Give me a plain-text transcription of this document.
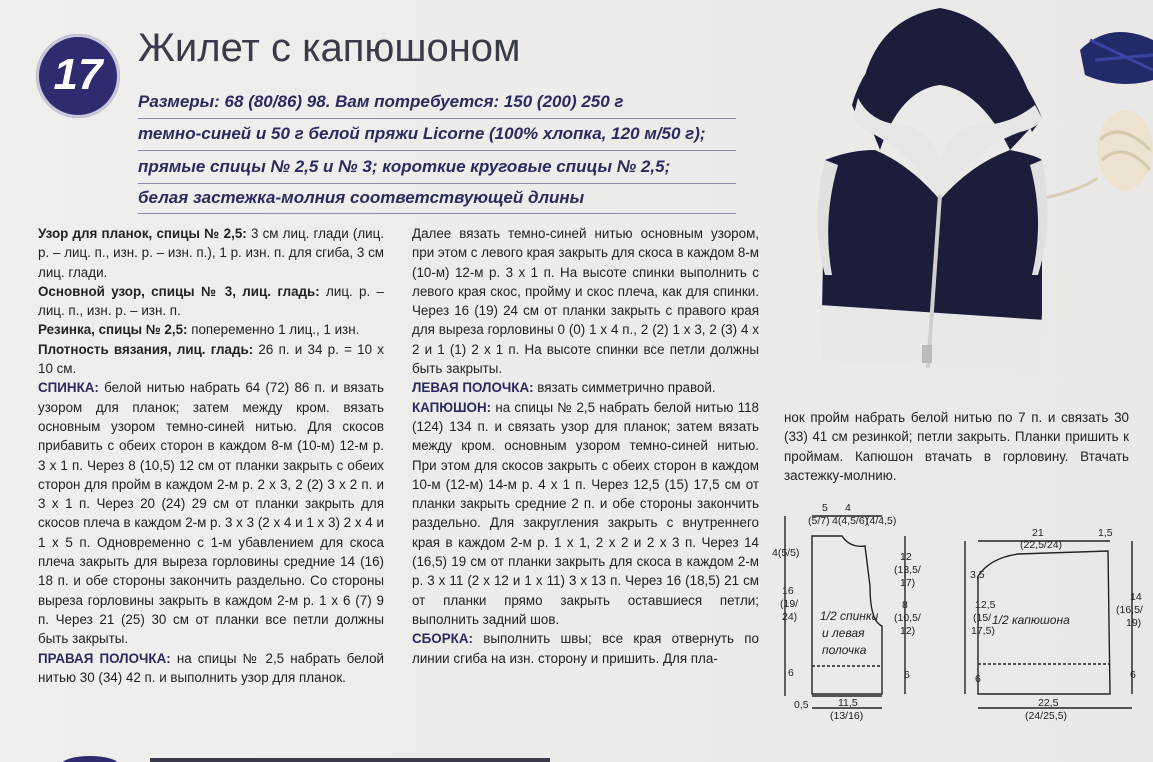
17
Жилет с капюшоном
Размеры: 68 (80/86) 98. Вам потребуется: 150 (200) 250 г
темно-синей и 50 г белой пряжи Licorne (100% хлопка, 120 м/50 г);
прямые спицы № 2,5 и № 3; короткие круговые спицы № 2,5;
белая застежка-молния соответствующей длины

Узор для планок, спицы № 2,5: 3 см лиц. глади (лиц. р. – лиц. п., изн. р. – изн. п.), 1 р. изн. п. для сгиба, 3 см лиц. глади.

Основной узор, спицы № 3, лиц. гладь: лиц. р. – лиц. п., изн. р. – изн. п.

Резинка, спицы № 2,5: попеременно 1 лиц., 1 изн.

Плотность вязания, лиц. гладь: 26 п. и 34 р. = 10 х 10 см.

СПИНКА: белой нитью набрать 64 (72) 86 п. и вязать узором для планок; затем между кром. вязать основным узором темно-синей нитью. Для скосов прибавить с обеих сторон в каждом 8-м (10-м) 12-м р. 3 х 1 п. Через 8 (10,5) 12 см от планки закрыть с обеих сторон для пройм в каждом 2-м р. 2 х 3, 2 (2) 3 х 2 п. и 3 х 1 п. Через 20 (24) 29 см от планки закрыть для скосов плеча в каждом 2-м р. 3 х 3 (2 х 4 и 1 х 3) 2 х 4 и 1 х 5 п. Одновременно с 1-м убавлением для скоса плеча закрыть для выреза горловины средние 14 (16) 18 п. и обе стороны закончить раздельно. Со стороны выреза горловины закрыть в каждом 2-м р. 1 х 6 (7) 9 п. Через 21 (25) 30 см от планки все петли должны быть закрыты.

ПРАВАЯ ПОЛОЧКА: на спицы № 2,5 набрать белой нитью 30 (34) 42 п. и выполнить узор для планок.

Далее вязать темно-синей нитью основным узором, при этом с левого края закрыть для скоса в каждом 8-м (10-м) 12-м р. 3 х 1 п. На высоте спинки выполнить с левого края скос, пройму и скос плеча, как для спинки. Через 16 (19) 24 см от планки закрыть с правого края для выреза горловины 0 (0) 1 х 4 п., 2 (2) 1 х 3, 2 (3) 4 х 2 и 1 (1) 2 х 1 п. На высоте спинки все петли должны быть закрыты.

ЛЕВАЯ ПОЛОЧКА: вязать симметрично правой.

КАПЮШОН: на спицы № 2,5 набрать белой нитью 118 (124) 134 п. и связать узор для планок; затем вязать между кром. основным узором темно-синей нитью. При этом для скосов закрыть с обеих сторон в каждом 10-м (12-м) 14-м р. 4 х 1 п. Через 12,5 (15) 17,5 см от планки закрыть средние 2 п. и обе стороны закончить раздельно. Для закругления закрыть с внутреннего края в каждом 2-м р. 1 х 1, 2 х 2 и 2 х 3 п. Через 14 (16,5) 19 см от планки закрыть для скоса в каждом 2-м р. 3 х 11 (2 х 12 и 1 х 11) 3 х 13 п. Через 16 (18,5) 21 см от планки прямо закрыть оставшиеся петли; выполнить задний шов.

СБОРКА: выполнить швы; все края отвернуть по линии сгиба на изн. сторону и пришить. Для пла-

нок пройм набрать белой нитью по 7 п. и связать 30 (33) 41 см резинкой; петли закрыть. Планки пришить к проймам. Капюшон втачать в горловину. Втачать застежку-молнию.
5 4
(5/7) 4(4,5/6)
(4/4,5)
4(5/5)
16
(19/
24)
6
12
(13,5/
17)
8
(10,5/
12)
6
0,5	11,5
(13/16)
1/2 спинки
и левая
полочка
21
(22,5/24)
1,5
3,5
12,5
(15/
17,5)
6
14
(16,5/
19)
6
22,5
(24/25,5)
1/2 капюшона
